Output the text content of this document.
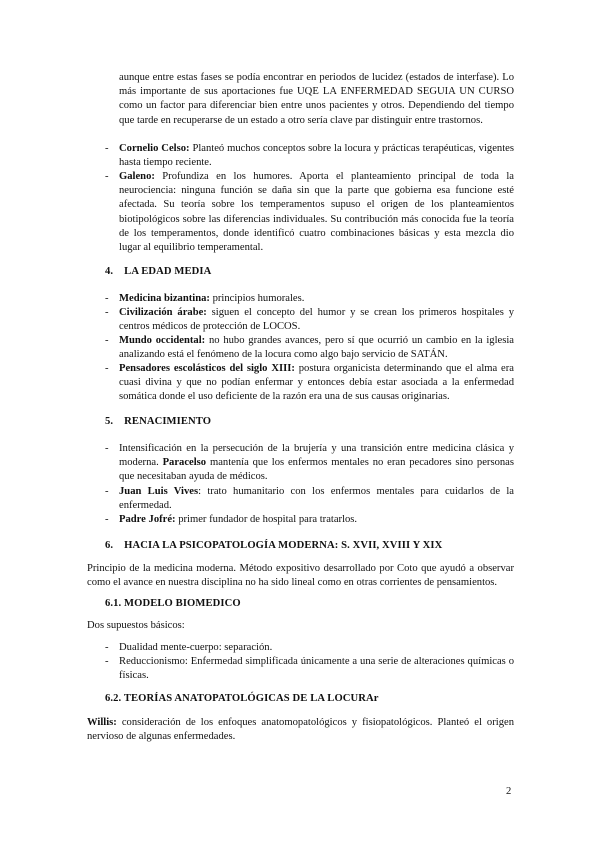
aunque entre estas fases se podía encontrar en periodos de lucidez (estados de interfase). Lo más importante de sus aportaciones fue UQE LA ENFERMEDAD SEGUIA UN CURSO como un factor para diferenciar bien entre unos pacientes y otros. Dependiendo del tiempo que tarde en recuperarse de un estado a otro sería clave par distinguir entre trastornos.
- Cornelio Celso: Planteó muchos conceptos sobre la locura y prácticas terapéuticas, vigentes hasta tiempo reciente.
- Galeno: Profundiza en los humores. Aporta el planteamiento principal de toda la neurociencia: ninguna función se daña sin que la parte que gobierna esa funcione esté afectada. Su teoría sobre los temperamentos supuso el origen de los planteamientos biotipológicos sobre las diferencias individuales. Su contribución más conocida fue la teoría de los temperamentos, donde identificó cuatro combinaciones básicas y esta mezcla dio lugar al equilibrio temperamental.
4. LA EDAD MEDIA
- Medicina bizantina: principios humorales.
- Civilización árabe: siguen el concepto del humor y se crean los primeros hospitales y centros médicos de protección de LOCOS.
- Mundo occidental: no hubo grandes avances, pero sí que ocurrió un cambio en la iglesia analizando está el fenómeno de la locura como algo bajo servicio de SATÁN.
- Pensadores escolásticos del siglo XIII: postura organicista determinando que el alma era cuasi divina y que no podían enfermar y entonces debía estar asociada a la enfermedad somática donde el uso deficiente de la razón era una de sus causas originarias.
5. RENACIMIENTO
- Intensificación en la persecución de la brujería y una transición entre medicina clásica y moderna. Paracelso mantenía que los enfermos mentales no eran pecadores sino personas que necesitaban ayuda de médicos.
- Juan Luis Vives: trato humanitario con los enfermos mentales para cuidarlos de la enfermedad.
- Padre Jofré: primer fundador de hospital para tratarlos.
6. HACIA LA PSICOPATOLOGÍA MODERNA: S. XVII, XVIII Y XIX
Principio de la medicina moderna. Método expositivo desarrollado por Coto que ayudó a observar como el avance en nuestra disciplina no ha sido lineal como en otras corrientes de pensamientos.
6.1. MODELO BIOMEDICO
Dos supuestos básicos:
- Dualidad mente-cuerpo: separación.
- Reduccionismo: Enfermedad simplificada únicamente a una serie de alteraciones químicas o físicas.
6.2. TEORÍAS ANATOPATOLÓGICAS DE LA LOCURAr
Willis: consideración de los enfoques anatomopatológicos y fisiopatológicos. Planteó el origen nervioso de algunas enfermedades.
2
